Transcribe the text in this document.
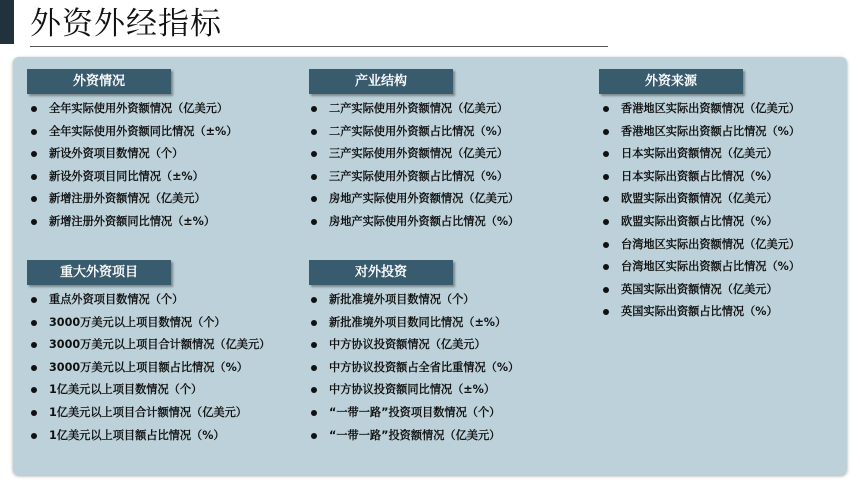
外资外经指标
外资情况
全年实际使用外资额情况（亿美元）
全年实际使用外资额同比情况（±%）
新设外资项目数情况（个）
新设外资项目同比情况（±%）
新增注册外资额情况（亿美元）
新增注册外资额同比情况（±%）
产业结构
二产实际使用外资额情况（亿美元）
二产实际使用外资额占比情况（%）
三产实际使用外资额情况（亿美元）
三产实际使用外资额占比情况（%）
房地产实际使用外资额情况（亿美元）
房地产实际使用外资额占比情况（%）
外资来源
香港地区实际出资额情况（亿美元）
香港地区实际出资额占比情况（%）
日本实际出资额情况（亿美元）
日本实际出资额占比情况（%）
欧盟实际出资额情况（亿美元）
欧盟实际出资额占比情况（%）
台湾地区实际出资额情况（亿美元）
台湾地区实际出资额占比情况（%）
英国实际出资额情况（亿美元）
英国实际出资额占比情况（%）
重大外资项目
重点外资项目数情况（个）
3000万美元以上项目数情况（个）
3000万美元以上项目合计额情况（亿美元）
3000万美元以上项目额占比情况（%）
1亿美元以上项目数情况（个）
1亿美元以上项目合计额情况（亿美元）
1亿美元以上项目额占比情况（%）
对外投资
新批准境外项目数情况（个）
新批准境外项目数同比情况（±%）
中方协议投资额情况（亿美元）
中方协议投资额占全省比重情况（%）
中方协议投资额同比情况（±%）
“一带一路”投资项目数情况（个）
“一带一路”投资额情况（亿美元）
